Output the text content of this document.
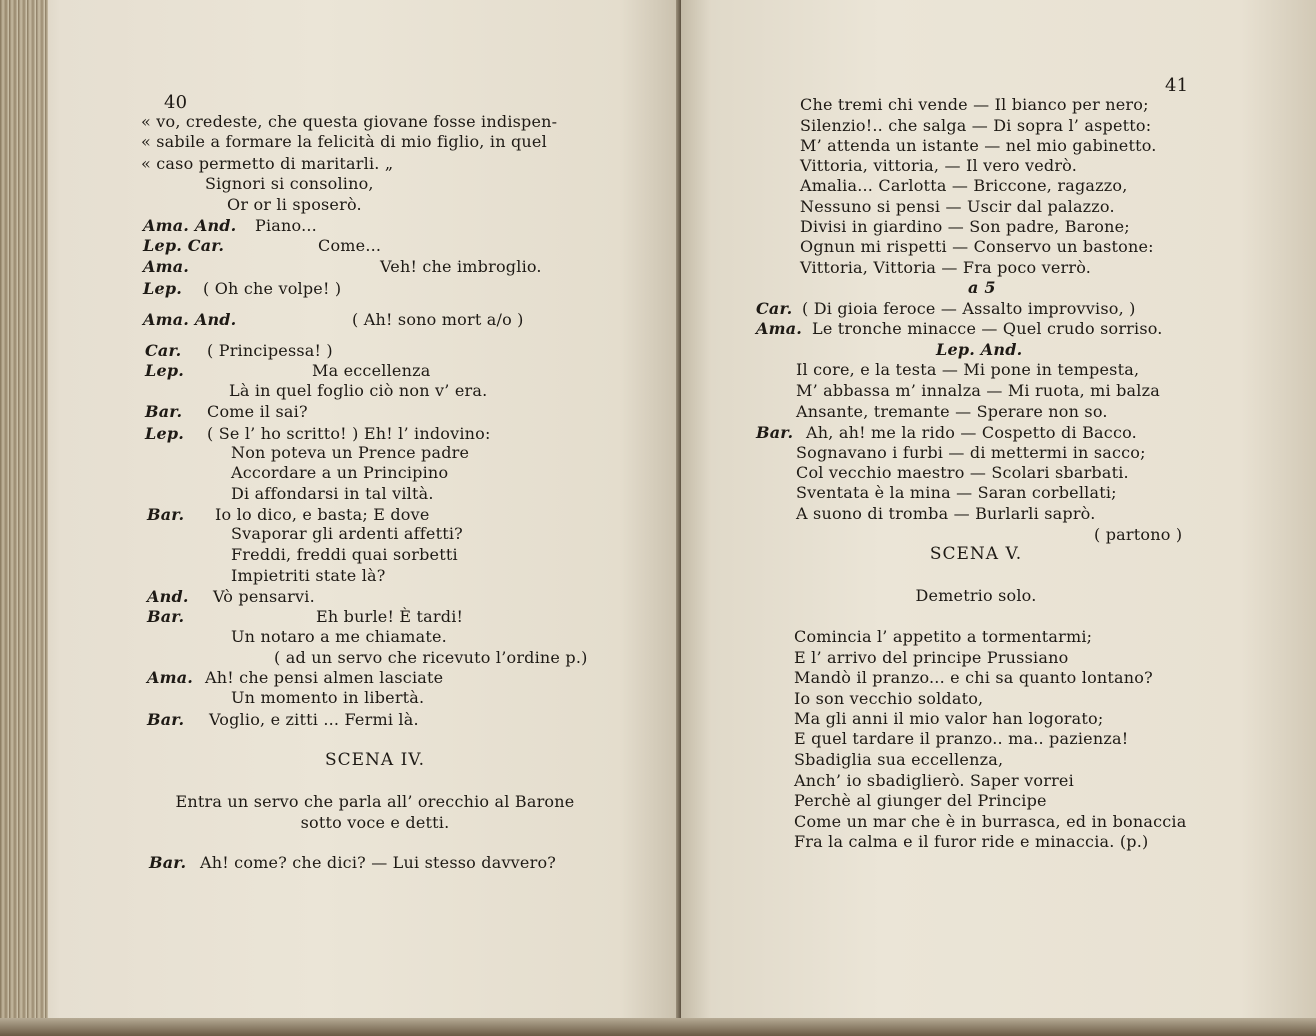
40
« vo, credeste, che questa giovane fosse indispen-
« sabile a formare la felicità di mio figlio, in quel
« caso permetto di maritarli. „
Signori si consolino,
Or or li sposerò.
Ama. And. Piano...
Lep. Car.	Come...
Ama.	Veh! che imbroglio.
Lep. ( Oh che volpe! )
Ama. And.	( Ah! sono mort a/o )
Car. ( Principessa! )
Lep.	Ma eccellenza
Là in quel foglio ciò non v’ era.
Bar. Come il sai?
Lep. ( Se l’ ho scritto! ) Eh! l’ indovino:
Non poteva un Prence padre
Accordare a un Principino
Di affondarsi in tal viltà.
Bar. Io lo dico, e basta; E dove
Svaporar gli ardenti affetti?
Freddi, freddi quai sorbetti
Impietriti state là?
And. Vò pensarvi.
Bar.	Eh burle! È tardi!
Un notaro a me chiamate.
( ad un servo che ricevuto l’ordine p.)
Ama. Ah! che pensi almen lasciate
Un momento in libertà.
Bar. Voglio, e zitti ... Fermi là.
SCENA IV.
Entra un servo che parla all’ orecchio al Barone
sotto voce e detti.
Bar. Ah! come? che dici? — Lui stesso davvero?
41
Che tremi chi vende — Il bianco per nero;
Silenzio!.. che salga — Di sopra l’ aspetto:
M’ attenda un istante — nel mio gabinetto.
Vittoria, vittoria, — Il vero vedrò.
Amalia... Carlotta — Briccone, ragazzo,
Nessuno si pensi — Uscir dal palazzo.
Divisi in giardino — Son padre, Barone;
Ognun mi rispetti — Conservo un bastone:
Vittoria, Vittoria — Fra poco verrò.
a 5
Car. ( Di gioia feroce — Assalto improvviso, )
Ama. Le tronche minacce — Quel crudo sorriso.
Lep. And.
Il core, e la testa — Mi pone in tempesta,
M’ abbassa m’ innalza — Mi ruota, mi balza
Ansante, tremante — Sperare non so.
Bar. Ah, ah! me la rido — Cospetto di Bacco.
Sognavano i furbi — di mettermi in sacco;
Col vecchio maestro — Scolari sbarbati.
Sventata è la mina — Saran corbellati;
A suono di tromba — Burlarli saprò.
( partono )
SCENA V.
Demetrio solo.
Comincia l’ appetito a tormentarmi;
E l’ arrivo del principe Prussiano
Mandò il pranzo... e chi sa quanto lontano?
Io son vecchio soldato,
Ma gli anni il mio valor han logorato;
E quel tardare il pranzo.. ma.. pazienza!
Sbadiglia sua eccellenza,
Anch’ io sbadiglierò. Saper vorrei
Perchè al giunger del Principe
Come un mar che è in burrasca, ed in bonaccia
Fra la calma e il furor ride e minaccia. (p.)
